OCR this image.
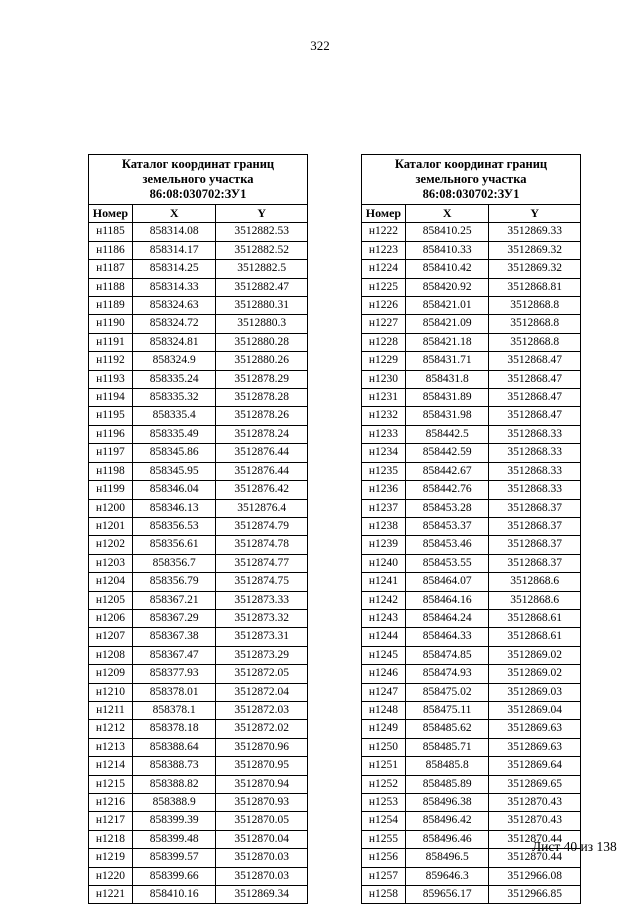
322
Каталог координат границ
земельного участка
86:08:030702:ЗУ1		

Номер	X	Y
н1185	858314.08	3512882.53
н1186	858314.17	3512882.52
н1187	858314.25	3512882.5
н1188	858314.33	3512882.47
н1189	858324.63	3512880.31
н1190	858324.72	3512880.3
н1191	858324.81	3512880.28
н1192	858324.9	3512880.26
н1193	858335.24	3512878.29
н1194	858335.32	3512878.28
н1195	858335.4	3512878.26
н1196	858335.49	3512878.24
н1197	858345.86	3512876.44
н1198	858345.95	3512876.44
н1199	858346.04	3512876.42
н1200	858346.13	3512876.4
н1201	858356.53	3512874.79
н1202	858356.61	3512874.78
н1203	858356.7	3512874.77
н1204	858356.79	3512874.75
н1205	858367.21	3512873.33
н1206	858367.29	3512873.32
н1207	858367.38	3512873.31
н1208	858367.47	3512873.29
н1209	858377.93	3512872.05
н1210	858378.01	3512872.04
н1211	858378.1	3512872.03
н1212	858378.18	3512872.02
н1213	858388.64	3512870.96
н1214	858388.73	3512870.95
н1215	858388.82	3512870.94
н1216	858388.9	3512870.93
н1217	858399.39	3512870.05
н1218	858399.48	3512870.04
н1219	858399.57	3512870.03
н1220	858399.66	3512870.03
н1221	858410.16	3512869.34
Каталог координат границ
земельного участка
86:08:030702:ЗУ1		

Номер	X	Y
н1222	858410.25	3512869.33
н1223	858410.33	3512869.32
н1224	858410.42	3512869.32
н1225	858420.92	3512868.81
н1226	858421.01	3512868.8
н1227	858421.09	3512868.8
н1228	858421.18	3512868.8
н1229	858431.71	3512868.47
н1230	858431.8	3512868.47
н1231	858431.89	3512868.47
н1232	858431.98	3512868.47
н1233	858442.5	3512868.33
н1234	858442.59	3512868.33
н1235	858442.67	3512868.33
н1236	858442.76	3512868.33
н1237	858453.28	3512868.37
н1238	858453.37	3512868.37
н1239	858453.46	3512868.37
н1240	858453.55	3512868.37
н1241	858464.07	3512868.6
н1242	858464.16	3512868.6
н1243	858464.24	3512868.61
н1244	858464.33	3512868.61
н1245	858474.85	3512869.02
н1246	858474.93	3512869.02
н1247	858475.02	3512869.03
н1248	858475.11	3512869.04
н1249	858485.62	3512869.63
н1250	858485.71	3512869.63
н1251	858485.8	3512869.64
н1252	858485.89	3512869.65
н1253	858496.38	3512870.43
н1254	858496.42	3512870.43
н1255	858496.46	3512870.44
н1256	858496.5	3512870.44
н1257	859646.3	3512966.08
н1258	859656.17	3512966.85
Лист 40 из 138
